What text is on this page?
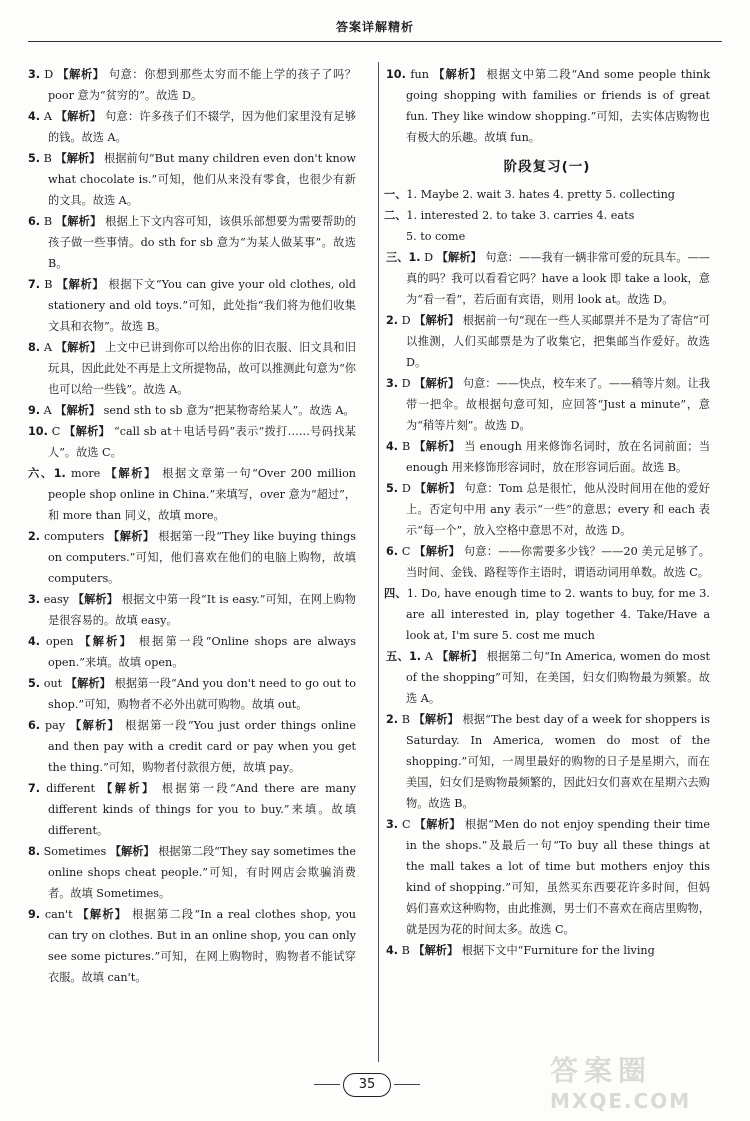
答案详解精析

3. D 【解析】 句意：你想到那些太穷而不能上学的孩子了吗？poor 意为“贫穷的”。故选 D。

4. A 【解析】 句意：许多孩子们不辍学，因为他们家里没有足够的钱。故选 A。

5. B 【解析】 根据前句“But many children even don't know what chocolate is.”可知，他们从来没有零食，也很少有新的文具。故选 A。

6. B 【解析】 根据上下文内容可知，该俱乐部想要为需要帮助的孩子做一些事情。do sth for sb 意为“为某人做某事”。故选 B。

7. B 【解析】 根据下文“You can give your old clothes, old stationery and old toys.”可知，此处指“我们将为他们收集文具和衣物”。故选 B。

8. A 【解析】 上文中已讲到你可以给出你的旧衣服、旧文具和旧玩具，因此此处不再是上文所提物品，故可以推测此句意为“你也可以给一些钱”。故选 A。

9. A 【解析】 send sth to sb 意为“把某物寄给某人”。故选 A。

10. C 【解析】 “call sb at＋电话号码”表示“拨打……号码找某人”。故选 C。

六、1. more 【解析】 根据文章第一句“Over 200 million people shop online in China.”来填写，over 意为“超过”，和 more than 同义，故填 more。

2. computers 【解析】 根据第一段“They like buying things on computers.”可知，他们喜欢在他们的电脑上购物，故填 computers。

3. easy 【解析】 根据文中第一段“It is easy.”可知，在网上购物是很容易的。故填 easy。

4. open 【解析】 根据第一段“Online shops are always open.”来填。故填 open。

5. out 【解析】 根据第一段“And you don't need to go out to shop.”可知，购物者不必外出就可购物。故填 out。

6. pay 【解析】 根据第一段“You just order things online and then pay with a credit card or pay when you get the thing.”可知，购物者付款很方便，故填 pay。

7. different 【解析】 根据第一段“And there are many different kinds of things for you to buy.”来填。故填 different。

8. Sometimes 【解析】 根据第二段“They say sometimes the online shops cheat people.”可知，有时网店会欺骗消费者。故填 Sometimes。

9. can't 【解析】 根据第二段“In a real clothes shop, you can try on clothes. But in an online shop, you can only see some pictures.”可知，在网上购物时，购物者不能试穿衣服。故填 can't。

10. fun 【解析】 根据文中第二段“And some people think going shopping with families or friends is of great fun. They like window shopping.”可知，去实体店购物也有极大的乐趣。故填 fun。

阶段复习(一)

一、1. Maybe 2. wait 3. hates 4. pretty 5. collecting

二、1. interested 2. to take 3. carries 4. eats
5. to come

三、1. D 【解析】 句意：——我有一辆非常可爱的玩具车。——真的吗？我可以看看它吗？have a look 即 take a look，意为“看一看”，若后面有宾语，则用 look at。故选 D。

2. D 【解析】 根据前一句“现在一些人买邮票并不是为了寄信”可以推测，人们买邮票是为了收集它，把集邮当作爱好。故选 D。

3. D 【解析】 句意：——快点，校车来了。——稍等片刻。让我带一把伞。故根据句意可知，应回答“Just a minute”，意为“稍等片刻”。故选 D。

4. B 【解析】 当 enough 用来修饰名词时，放在名词前面；当 enough 用来修饰形容词时，放在形容词后面。故选 B。

5. D 【解析】 句意：Tom 总是很忙，他从没时间用在他的爱好上。否定句中用 any 表示“一些”的意思；every 和 each 表示“每一个”，放入空格中意思不对，故选 D。

6. C 【解析】 句意：——你需要多少钱？——20 美元足够了。当时间、金钱、路程等作主语时，谓语动词用单数。故选 C。

四、1. Do, have enough time to 2. wants to buy, for me 3. are all interested in, play together 4. Take/Have a look at, I'm sure 5. cost me much

五、1. A 【解析】 根据第二句“In America, women do most of the shopping”可知，在美国，妇女们购物最为频繁。故选 A。

2. B 【解析】 根据“The best day of a week for shoppers is Saturday. In America, women do most of the shopping.”可知，一周里最好的购物的日子是星期六，而在美国，妇女们是购物最频繁的，因此妇女们喜欢在星期六去购物。故选 B。

3. C 【解析】 根据“Men do not enjoy spending their time in the shops.”及最后一句“To buy all these things at the mall takes a lot of time but mothers enjoy this kind of shopping.”可知，虽然买东西要花许多时间，但妈妈们喜欢这种购物，由此推测，男士们不喜欢在商店里购物，就是因为花的时间太多。故选 C。

4. B 【解析】 根据下文中“Furniture for the living

35	答案圈
MXQE.COM
